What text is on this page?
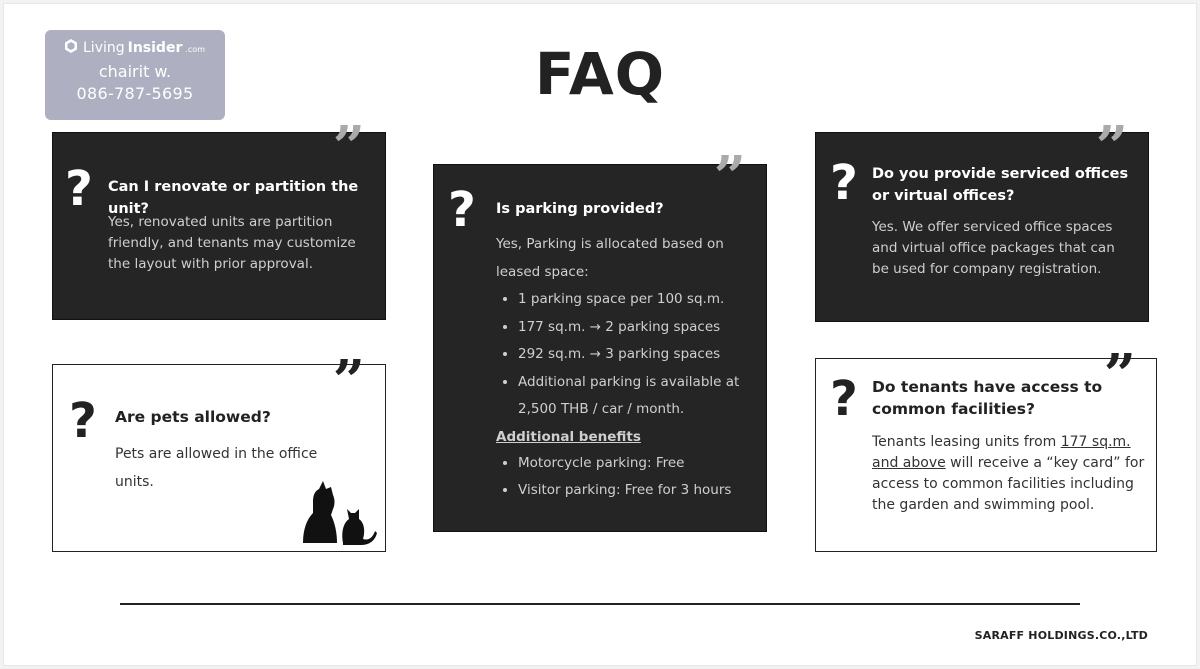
Living Insider .com
chairit w.
086-787-5695	FAQ
”
? Can I renovate or partition the unit?
Yes, renovated units are partition friendly, and tenants may customize the layout with prior approval.
”
? Are pets allowed?
Pets are allowed in the office units.
”
? Is parking provided?
Yes, Parking is allocated based on leased space:
• 1 parking space per 100 sq.m.
• 177 sq.m. → 2 parking spaces
• 292 sq.m. → 3 parking spaces
• Additional parking is available at 2,500 THB / car / month.
Additional benefits
• Motorcycle parking: Free
• Visitor parking: Free for 3 hours
”
? Do you provide serviced offices or virtual offices?
Yes. We offer serviced office spaces and virtual office packages that can be used for company registration.
”
? Do tenants have access to common facilities?
Tenants leasing units from 177 sq.m. and above will receive a “key card” for access to common facilities including the garden and swimming pool.
SARAFF HOLDINGS.CO.,LTD
